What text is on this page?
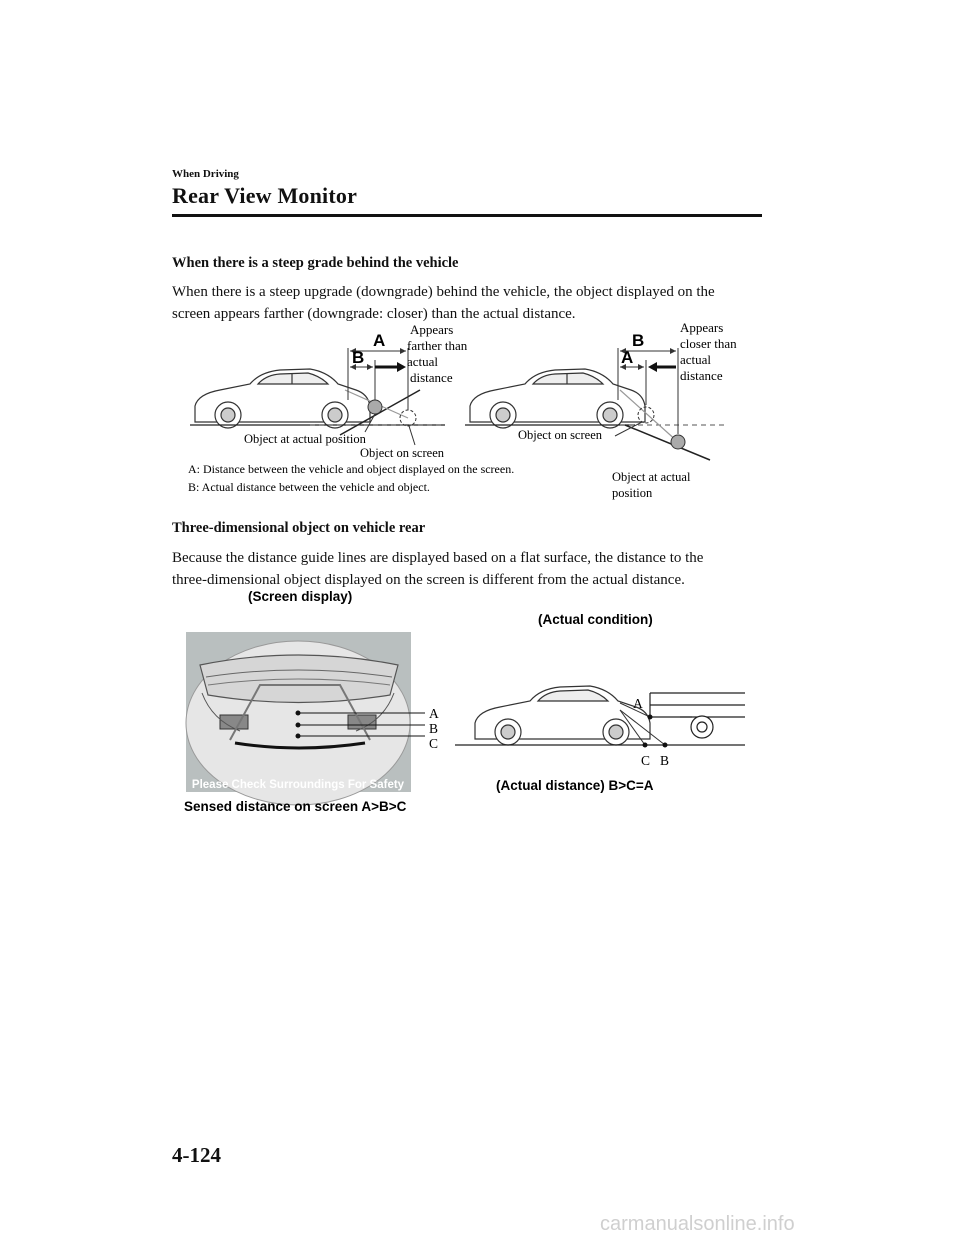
When Driving
Rear View Monitor
When there is a steep grade behind the vehicle
When there is a steep upgrade (downgrade) behind the vehicle, the object displayed on the
screen appears farther (downgrade: closer) than the actual distance.
A
B
Appears
farther than
actual
distance
Object at actual position
Object on screen
B
A
Appears
closer than
actual
distance
Object on screen
Object at actual
position
A: Distance between the vehicle and object displayed on the screen.
B: Actual distance between the vehicle and object.
Three-dimensional object on vehicle rear
Because the distance guide lines are displayed based on a flat surface, the distance to the
three-dimensional object displayed on the screen is different from the actual distance.
(Screen display)
(Actual condition)
Please Check Surroundings For Safety
A
B
C
Sensed distance on screen A>B>C
A
C B
(Actual distance) B>C=A
4-124
carmanualsonline.info
